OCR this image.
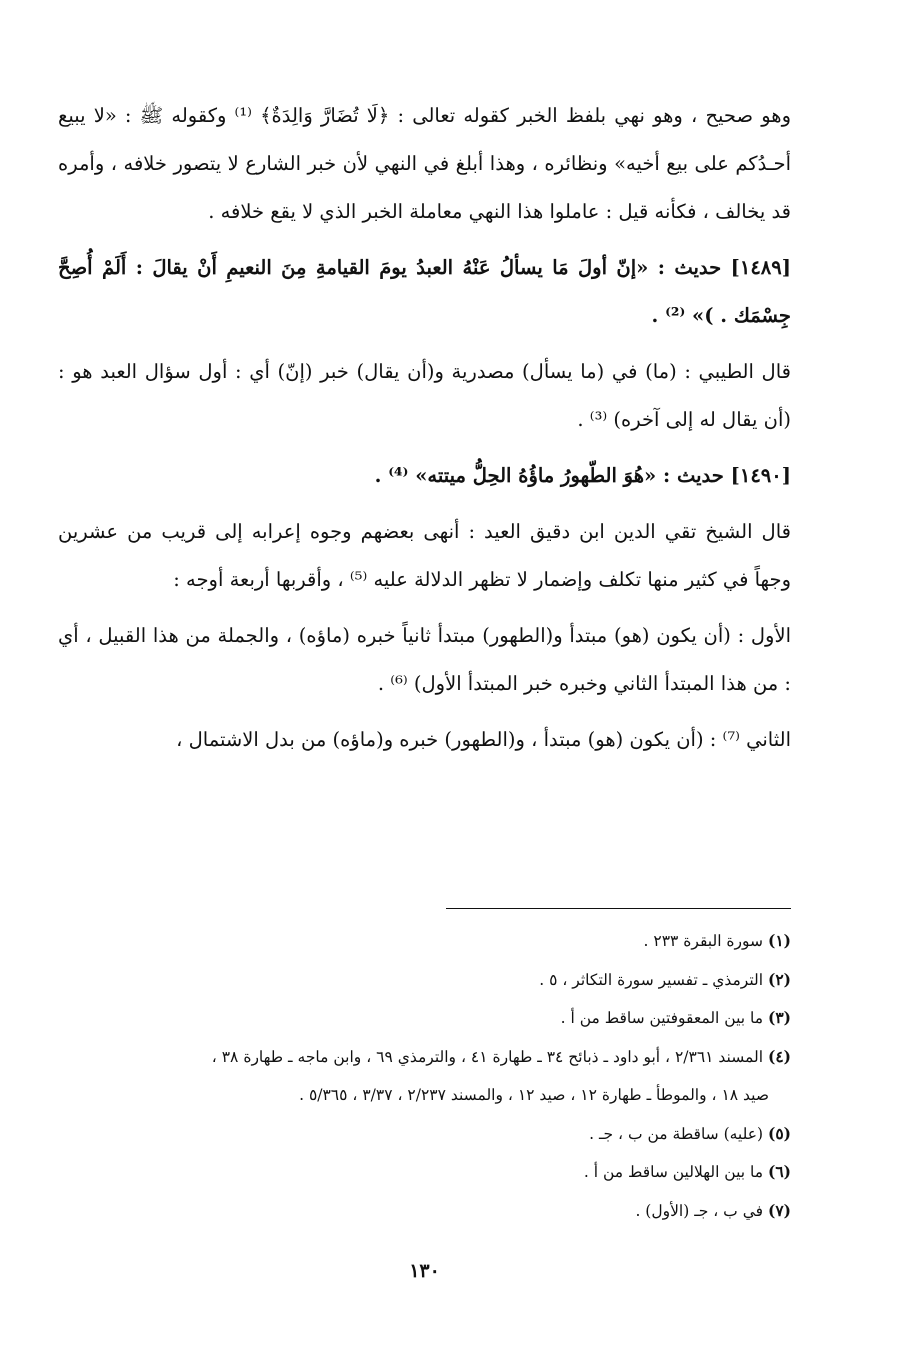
وهو صحيح ، وهو نهي بلفظ الخبر كقوله تعالى : ﴿لَا تُضَارَّ وَالِدَةٌ﴾ ⁽¹⁾ وكقوله ﷺ : «لا يبيع أحـدُكم على بيع أخيه» ونظائره ، وهذا أبلغ في النهي لأن خبر الشارع لا يتصور خلافه ، وأمره قد يخالف ، فكأنه قيل : عاملوا هذا النهي معاملة الخبر الذي لا يقع خلافه .

[١٤٨٩] حديث : «إنّ أولَ مَا يسألُ عَنْهُ العبدُ يومَ القيامةِ مِنَ النعيمِ أَنْ يقالَ : أَلَمْ أُصِحَّ جِسْمَك . )» ⁽²⁾ .

قال الطيبي : (ما) في (ما يسأل) مصدرية و(أن يقال) خبر (إنّ) أي : أول سؤال العبد هو : (أن يقال له إلى آخره) ⁽³⁾ .

[١٤٩٠] حديث : «هُوَ الطّهورُ ماؤُهُ الحِلُّ ميتته» ⁽⁴⁾ .

قال الشيخ تقي الدين ابن دقيق العيد : أنهى بعضهم وجوه إعرابه إلى قريب من عشرين وجهاً في كثير منها تكلف وإضمار لا تظهر الدلالة عليه ⁽⁵⁾ ، وأقربها أربعة أوجه :

الأول : (أن يكون (هو) مبتدأ و(الطهور) مبتدأ ثانياً خبره (ماؤه) ، والجملة من هذا القبيل ، أي : من هذا المبتدأ الثاني وخبره خبر المبتدأ الأول) ⁽⁶⁾ .

الثاني ⁽⁷⁾ : (أن يكون (هو) مبتدأ ، و(الطهور) خبره و(ماؤه) من بدل الاشتمال ،

(١) سورة البقرة ٢٣٣ .

(٢) الترمذي ـ تفسير سورة التكاثر ، ٥ .

(٣) ما بين المعقوفتين ساقط من أ .

(٤) المسند ٢/٣٦١ ، أبو داود ـ ذبائح ٣٤ ـ طهارة ٤١ ، والترمذي ٦٩ ، وابن ماجه ـ طهارة ٣٨ ،

صيد ١٨ ، والموطأ ـ طهارة ١٢ ، صيد ١٢ ، والمسند ٢/٢٣٧ ، ٣/٣٧ ، ٥/٣٦٥ .

(٥) (عليه) ساقطة من ب ، جـ .

(٦) ما بين الهلالين ساقط من أ .

(٧) في ب ، جـ (الأول) .

١٣٠
